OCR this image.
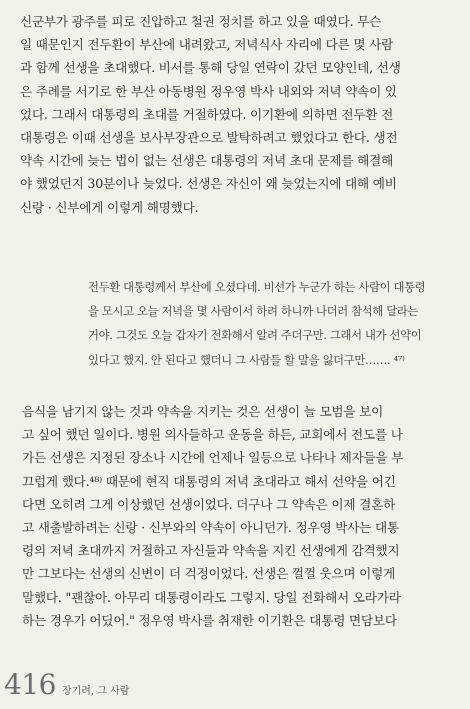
신군부가 광주를 피로 진압하고 철권 정치를 하고 있을 때였다. 무슨
일 때문인지 전두환이 부산에 내려왔고, 저녁식사 자리에 다른 몇 사람
과 함께 선생을 초대했다. 비서를 통해 당일 연락이 갔던 모양인데, 선생
은 주례를 서기로 한 부산 아동병원 정우영 박사 내외와 저녁 약속이 있
었다. 그래서 대통령의 초대를 거절하였다. 이기환에 의하면 전두환 전
대통령은 이때 선생을 보사부장관으로 발탁하려고 했었다고 한다. 생전
약속 시간에 늦는 법이 없는 선생은 대통령의 저녁 초대 문제를 해결해
야 했었던지 30분이나 늦었다. 선생은 자신이 왜 늦었는지에 대해 예비
신랑 · 신부에게 이렇게 해명했다.
전두환 대통령께서 부산에 오셨다네. 비선가 누군가 하는 사람이 대통령
을 모시고 오늘 저녁을 몇 사람이서 하려 하니까 나더러 참석해 달라는
거야. 그것도 오늘 갑자기 전화해서 알려 주더구만. 그래서 내가 선약이
있다고 했지. 안 된다고 했더니 그 사람들 할 말을 잃더구만……. ⁴⁷⁾
음식을 남기지 않는 것과 약속을 지키는 것은 선생이 늘 모범을 보이
고 싶어 했던 일이다. 병원 의사들하고 운동을 하든, 교회에서 전도를 나
가든 선생은 지정된 장소나 시간에 언제나 일등으로 나타나 제자들을 부
끄럽게 했다.⁴⁸⁾ 때문에 현직 대통령의 저녁 초대라고 해서 선약을 어긴
다면 오히려 그게 이상했던 선생이었다. 더구나 그 약속은 이제 결혼하
고 새출발하려는 신랑 · 신부와의 약속이 아니던가. 정우영 박사는 대통
령의 저녁 초대까지 거절하고 자신들과 약속을 지킨 선생에게 감격했지
만 그보다는 선생의 신변이 더 걱정이었다. 선생은 껄껄 웃으며 이렇게
말했다. "괜찮아. 아무리 대통령이라도 그렇지. 당일 전화해서 오라가라
하는 경우가 어딨어." 정우영 박사를 취재한 이기환은 대통령 면담보다
416 장기려, 그 사람
